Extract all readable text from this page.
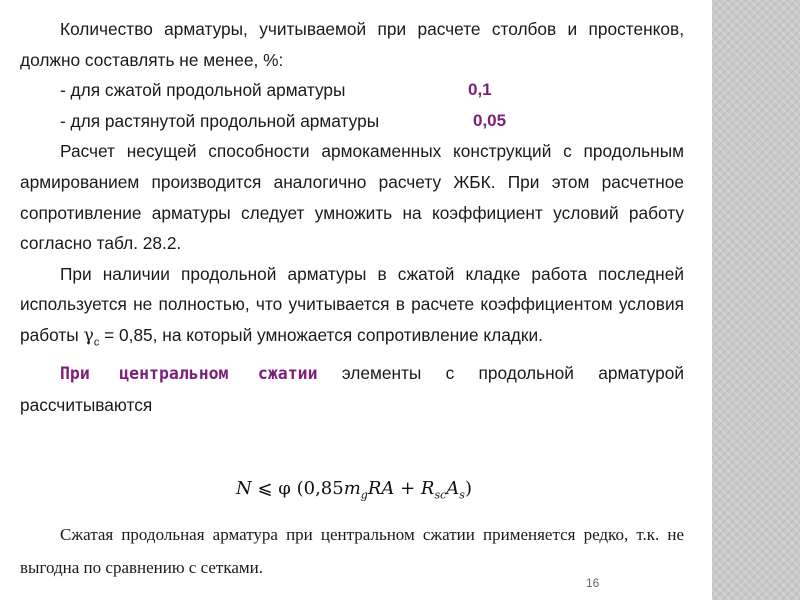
Количество арматуры, учитываемой при расчете столбов и простенков, должно составлять не менее, %:
- для сжатой продольной арматуры	0,1
- для растянутой продольной арматуры	0,05
Расчет несущей способности армокаменных конструкций с продольным армированием производится аналогично расчету ЖБК. При этом расчетное сопротивление арматуры следует умножить на коэффициент условий работу согласно табл. 28.2.
При наличии продольной арматуры в сжатой кладке работа последней используется не полностью, что учитывается в расчете коэффициентом условия работы $\gamma_c = 0,85$, на который умножается сопротивление кладки.
При центральном сжатии элементы с продольной арматурой рассчитываются
N ⩽ φ $(0,85m_gRA + R_{sc}A_s)$
Сжатая продольная арматура при центральном сжатии применяется редко, т.к. не выгодна по сравнению с сетками.
16
